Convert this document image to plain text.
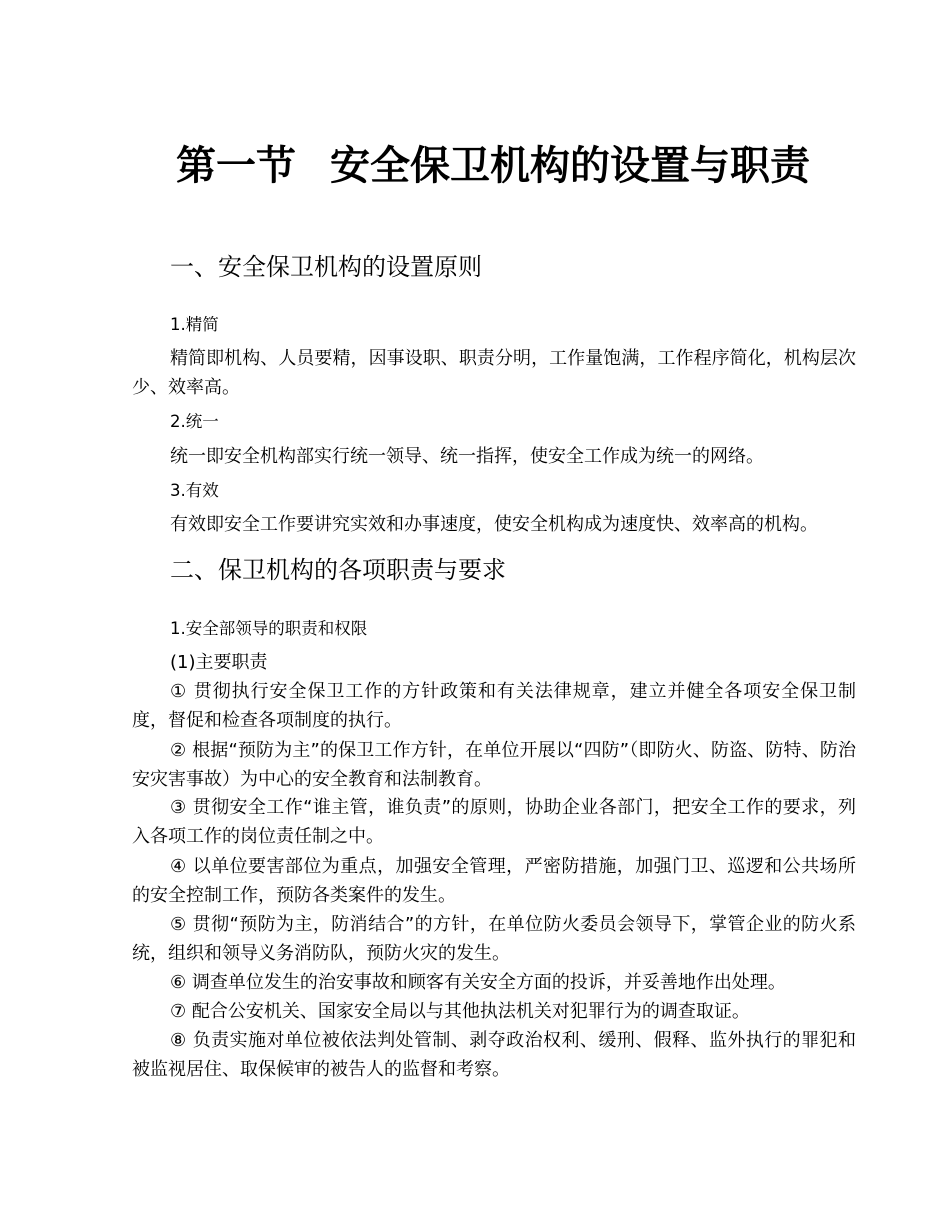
第一节 安全保卫机构的设置与职责
一、安全保卫机构的设置原则
1.精简
精简即机构、人员要精，因事设职、职责分明，工作量饱满，工作程序简化，机构层次少、效率高。
2.统一
统一即安全机构部实行统一领导、统一指挥，使安全工作成为统一的网络。
3.有效
有效即安全工作要讲究实效和办事速度，使安全机构成为速度快、效率高的机构。
二、保卫机构的各项职责与要求
1.安全部领导的职责和权限
(1)主要职责
① 贯彻执行安全保卫工作的方针政策和有关法律规章，建立并健全各项安全保卫制度，督促和检查各项制度的执行。
② 根据“预防为主”的保卫工作方针，在单位开展以“四防”（即防火、防盗、防特、防治安灾害事故）为中心的安全教育和法制教育。
③ 贯彻安全工作“谁主管，谁负责”的原则，协助企业各部门，把安全工作的要求，列入各项工作的岗位责任制之中。
④ 以单位要害部位为重点，加强安全管理，严密防措施，加强门卫、巡逻和公共场所的安全控制工作，预防各类案件的发生。
⑤ 贯彻“预防为主，防消结合”的方针，在单位防火委员会领导下，掌管企业的防火系统，组织和领导义务消防队，预防火灾的发生。
⑥ 调查单位发生的治安事故和顾客有关安全方面的投诉，并妥善地作出处理。
⑦ 配合公安机关、国家安全局以与其他执法机关对犯罪行为的调查取证。
⑧ 负责实施对单位被依法判处管制、剥夺政治权利、缓刑、假释、监外执行的罪犯和被监视居住、取保候审的被告人的监督和考察。
